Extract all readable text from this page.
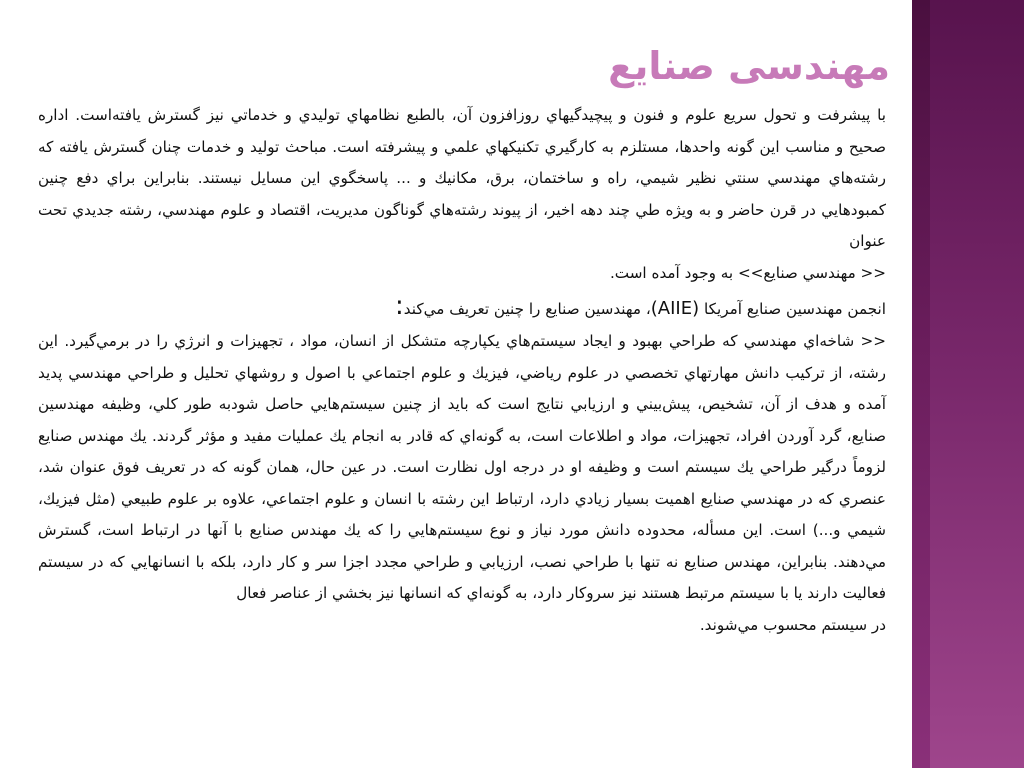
مهندسی صنایع

با پيشرفت و تحول سريع علوم و فنون و پيچيدگيهاي روزافزون آن، بالطبع نظامهاي توليدي و خدماتي نيز گسترش يافته‌است. اداره صحيح و مناسب اين گونه واحدها، مستلزم به كارگيري تكنيكهاي علمي و پيشرفته است. مباحث توليد و خدمات چنان گسترش يافته كه رشته‌هاي مهندسي سنتي نظير شيمي، راه و ساختمان، برق، مكانيك و ... پاسخگوي اين مسايل نيستند. بنابراين براي دفع چنين كمبودهايي در قرن حاضر و به ويژه طي چند دهه اخير، از پيوند رشته‌هاي گوناگون مديريت، اقتصاد و علوم مهندسي، رشته جديدي تحت عنوان

<< مهندسي صنايع>> به وجود آمده است.

انجمن مهندسين صنايع آمريكا (AIIE)، مهندسين صنايع را چنين تعريف مي‌كند:

<< شاخه‌اي مهندسي كه طراحي بهبود و ايجاد سيستم‌هاي يكپارچه متشكل از انسان، مواد ، تجهيزات و انرژي را در برمي‌گيرد. اين رشته، از تركيب دانش مهارتهاي تخصصي در علوم رياضي، فيزيك و علوم اجتماعي با اصول و روشهاي تحليل و طراحي مهندسي پديد آمده و هدف از آن، تشخيص، پيش‌بيني و ارزيابي نتايج است كه بايد از چنين سيستم‌هايي حاصل شودبه طور كلي، وظيفه مهندسين صنايع، گرد آوردن افراد، تجهيزات، مواد و اطلاعات است، به گونه‌اي كه قادر به انجام يك عمليات مفيد و مؤثر گردند. يك مهندس صنايع لزوماً درگير طراحي يك سيستم است و وظيفه او در درجه اول نظارت است. در عين حال، همان گونه كه در تعريف فوق عنوان شد، عنصري كه در مهندسي صنايع اهميت بسيار زيادي دارد، ارتباط اين رشته با انسان و علوم اجتماعي، علاوه بر علوم طبيعي (مثل فيزيك، شيمي و...) است. اين مسأله، محدوده دانش مورد نياز و نوع سيستم‌هايي را كه يك مهندس صنايع با آنها در ارتباط است، گسترش مي‌دهند. بنابراين، مهندس صنايع نه تنها با طراحي نصب، ارزيابي و طراحي مجدد اجزا سر و كار دارد، بلكه با انسانهايي كه در سيستم فعاليت دارند يا با سيستم مرتبط هستند نيز سروكار دارد، به گونه‌اي كه انسانها نيز بخشي از عناصر فعال

در سيستم محسوب مي‌شوند.
